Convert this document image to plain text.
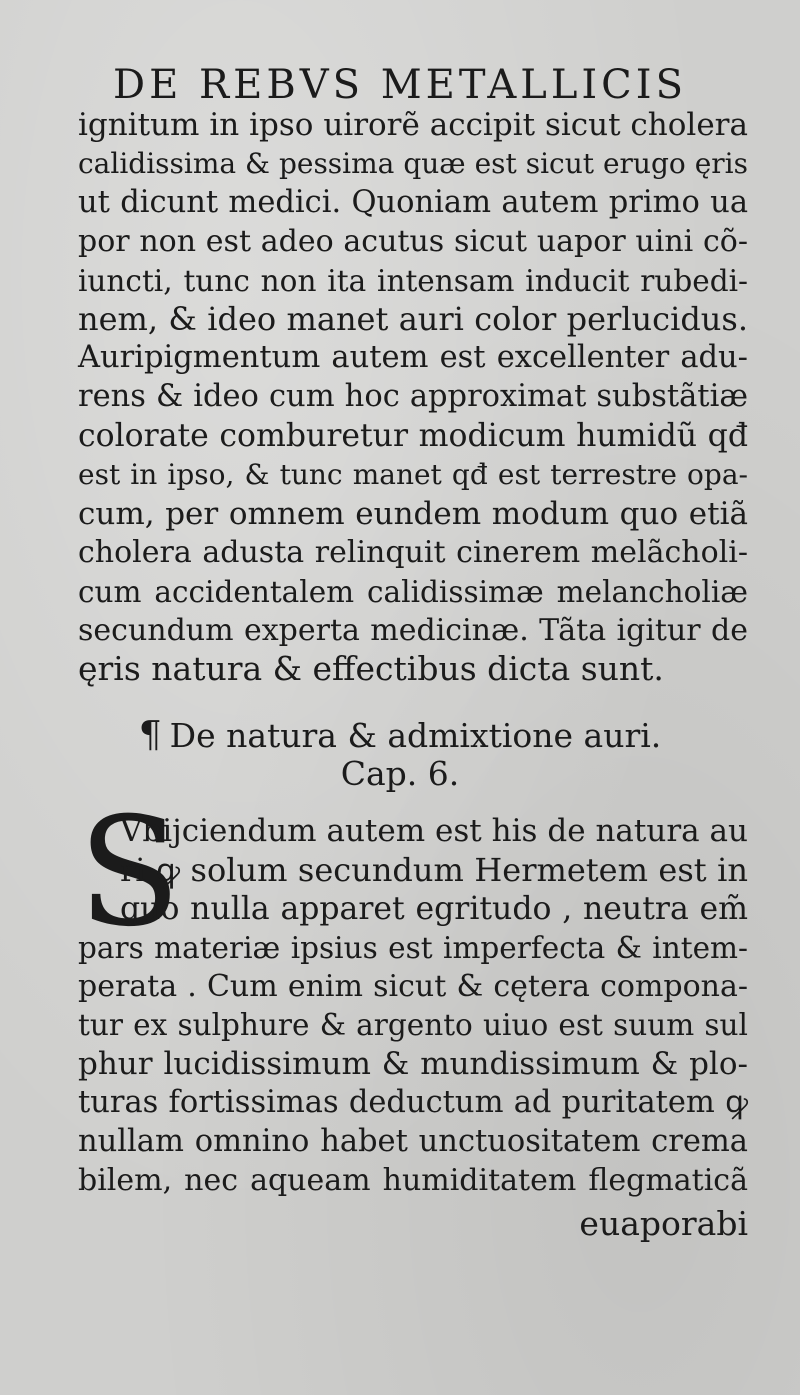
DE REBVS METALLICIS
ignitum in ipso uirorẽ accipit sicut cholera
calidissima & pessima quæ est sicut erugo ęris
ut dicunt medici. Quoniam autem primo ua
por non est adeo acutus sicut uapor uini cõ-
iuncti, tunc non ita intensam inducit rubedi-
nem, & ideo manet auri color perlucidus.
Auripigmentum autem est excellenter adu-
rens & ideo cum hoc approximat substãtiæ
colorate comburetur modicum humidũ qđ
est in ipso, & tunc manet qđ est terrestre opa-
cum, per omnem eundem modum quo etiã
cholera adusta relinquit cinerem melãcholi-
cum accidentalem calidissimæ melancholiæ
secundum experta medicinæ. Tãta igitur de
ęris natura & effectibus dicta sunt.
¶ De natura & admixtione auri.
Cap. 6.
S
Vbijciendum autem est his de natura au
ri ꝙ solum secundum Hermetem est in
quo nulla apparet egritudo , neutra em̃
pars materiæ ipsius est imperfecta & intem-
perata . Cum enim sicut & cętera compona-
tur ex sulphure & argento uiuo est suum sul
phur lucidissimum & mundissimum & plo-
turas fortissimas deductum ad puritatem ꝙ
nullam omnino habet unctuositatem crema
bilem, nec aqueam humiditatem flegmaticã
euaporabi
